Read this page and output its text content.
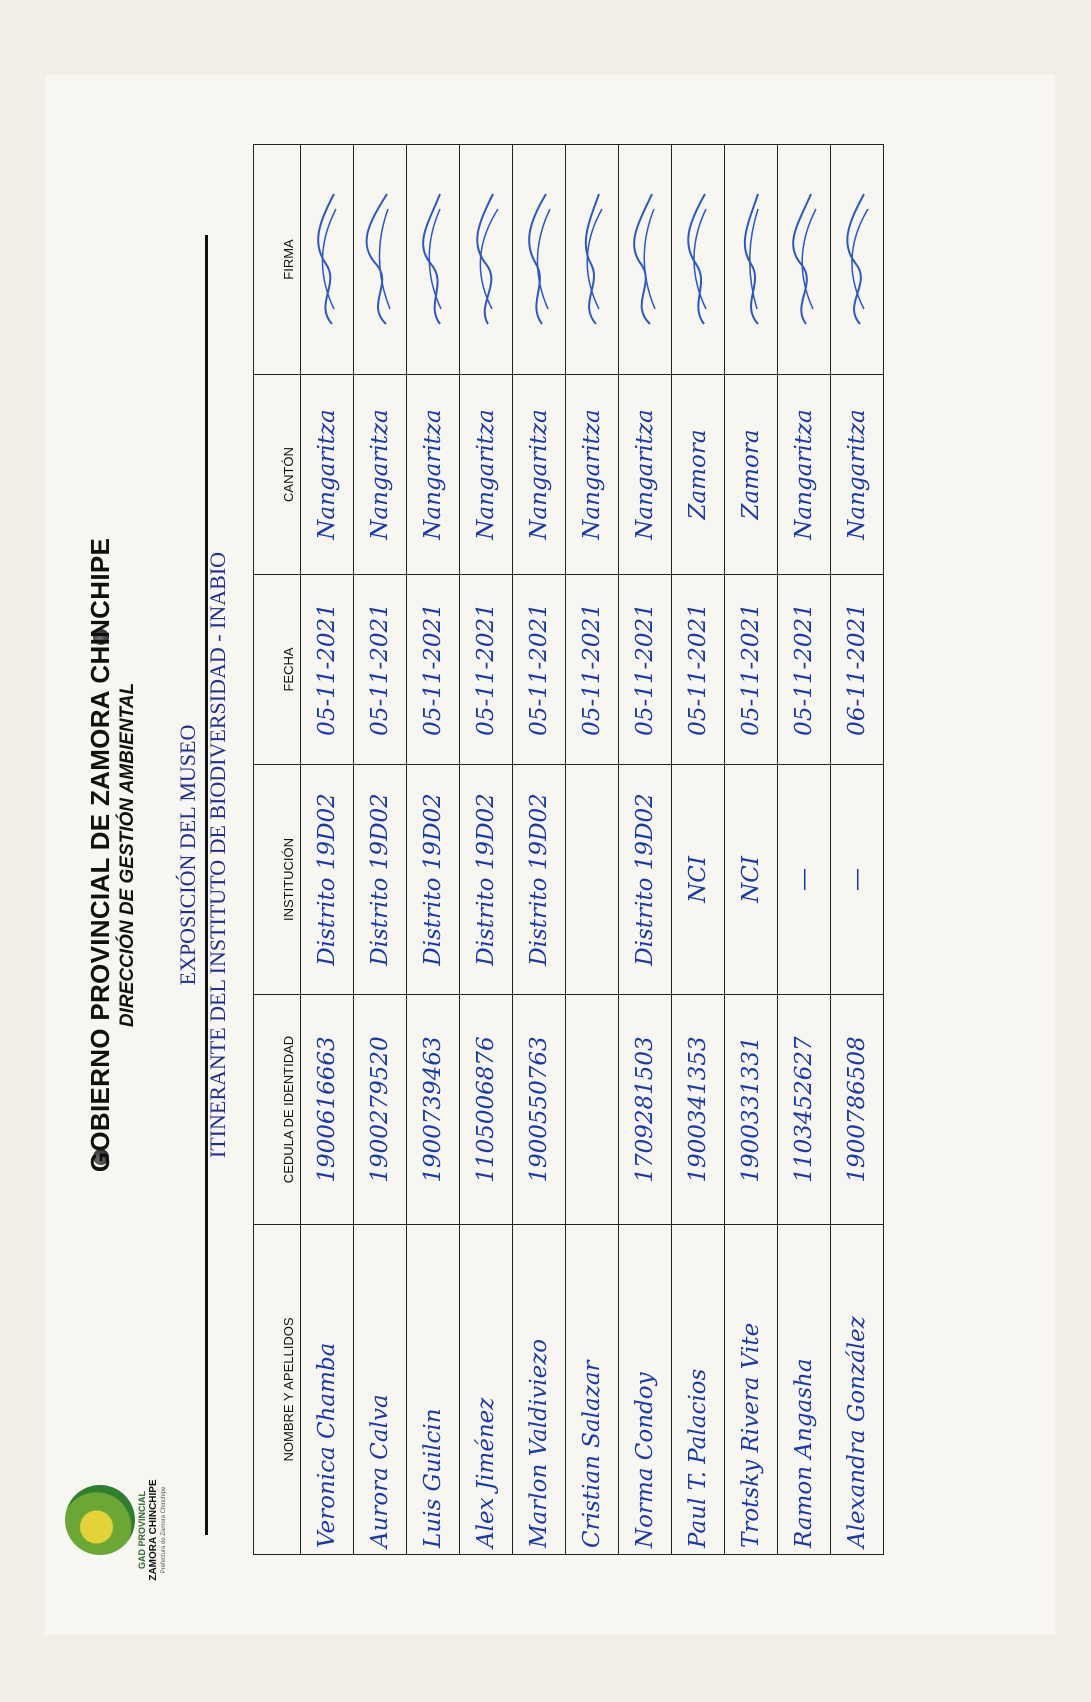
GAD PROVINCIAL ZAMORA CHINCHIPE Prefectura de Zamora Chinchipe
GOBIERNO PROVINCIAL DE ZAMORA CHINCHIPE DIRECCIÓN DE GESTIÓN AMBIENTAL EXPOSICIÓN DEL MUSEO ITINERANTE DEL INSTITUTO DE BIODIVERSIDAD - INABIO
NOMBRE Y APELLIDOS	CEDULA DE IDENTIDAD	INSTITUCIÓN	FECHA	CANTÓN	FIRMA
Veronica Chamba	1900616663	Distrito 19D02	05-11-2021	Nangaritza	

Aurora Calva	1900279520	Distrito 19D02	05-11-2021	Nangaritza	

Luis Guilcin	1900739463	Distrito 19D02	05-11-2021	Nangaritza	

Alex Jiménez	1105006876	Distrito 19D02	05-11-2021	Nangaritza	

Marlon Valdiviezo	1900550763	Distrito 19D02	05-11-2021	Nangaritza	

Cristian Salazar			05-11-2021	Nangaritza	

Norma Condoy	1709281503	Distrito 19D02	05-11-2021	Nangaritza	

Paul T. Palacios	1900341353	NCI	05-11-2021	Zamora	

Trotsky Rivera Vite	1900331331	NCI	05-11-2021	Zamora	

Ramon Angasha	1103452627	—	05-11-2021	Nangaritza	

Alexandra González	1900786508	—	06-11-2021	Nangaritza	
